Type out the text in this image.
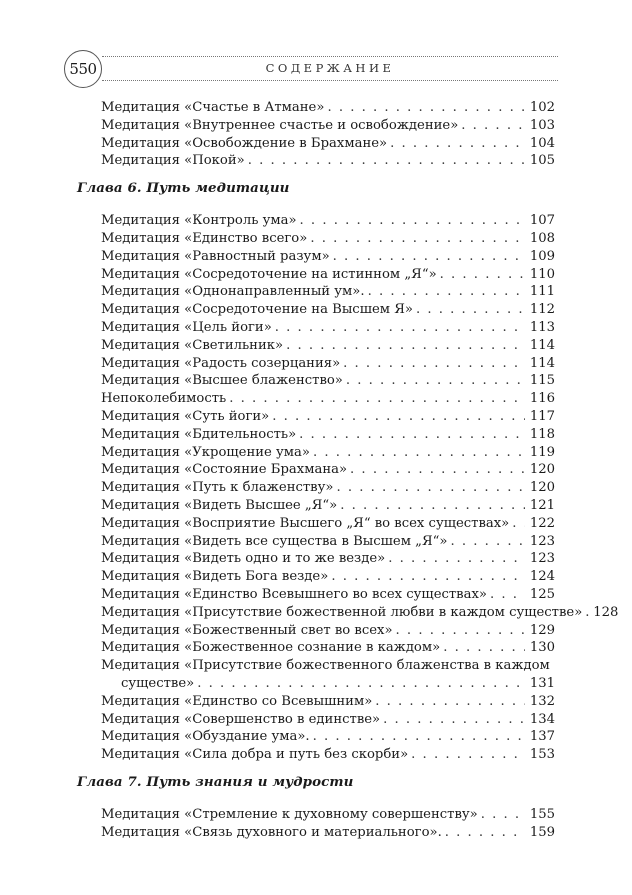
СОДЕРЖАНИЕ
550
Медитация «Счастье в Атмане» . . .	102
Медитация «Внутреннее счастье и освобождение» . . .	103
Медитация «Освобождение в Брахмане» . . .	104
Медитация «Покой» . . .	105
Глава 6. Путь медитации
Медитация «Контроль ума» . . .	107
Медитация «Единство всего» . . .	108
Медитация «Равностный разум» . . .	109
Медитация «Сосредоточение на истинном „Я“» . . .	110
Медитация «Однонаправленный ум». . . .	111
Медитация «Сосредоточение на Высшем Я» . . .	112
Медитация «Цель йоги» . . .	113
Медитация «Светильник» . . .	114
Медитация «Радость созерцания» . . .	114
Медитация «Высшее блаженство» . . .	115
Непоколебимость . . .	116
Медитация «Суть йоги» . . .	117
Медитация «Бдительность» . . .	118
Медитация «Укрощение ума» . . .	119
Медитация «Состояние Брахмана» . . .	120
Медитация «Путь к блаженству» . . .	120
Медитация «Видеть Высшее „Я“» . . .	121
Медитация «Восприятие Высшего „Я“ во всех существах» . . .	122
Медитация «Видеть все существа в Высшем „Я“» . . .	123
Медитация «Видеть одно и то же везде» . . .	123
Медитация «Видеть Бога везде» . . .	124
Медитация «Единство Всевышнего во всех существах» . . .	125
Медитация «Присутствие божественной любви в каждом существе» . . . 128
Медитация «Божественный свет во всех» . . .	129
Медитация «Божественное сознание в каждом» . . .	130
Медитация «Присутствие божественного блаженства в каждом
существе» . . .	131
Медитация «Единство со Всевышним» . . .	132
Медитация «Совершенство в единстве» . . .	134
Медитация «Обуздание ума». . . .	137
Медитация «Сила добра и путь без скорби» . . .	153
Глава 7. Путь знания и мудрости
Медитация «Стремление к духовному совершенству» . . .	155
Медитация «Связь духовного и материального». . . .	159
